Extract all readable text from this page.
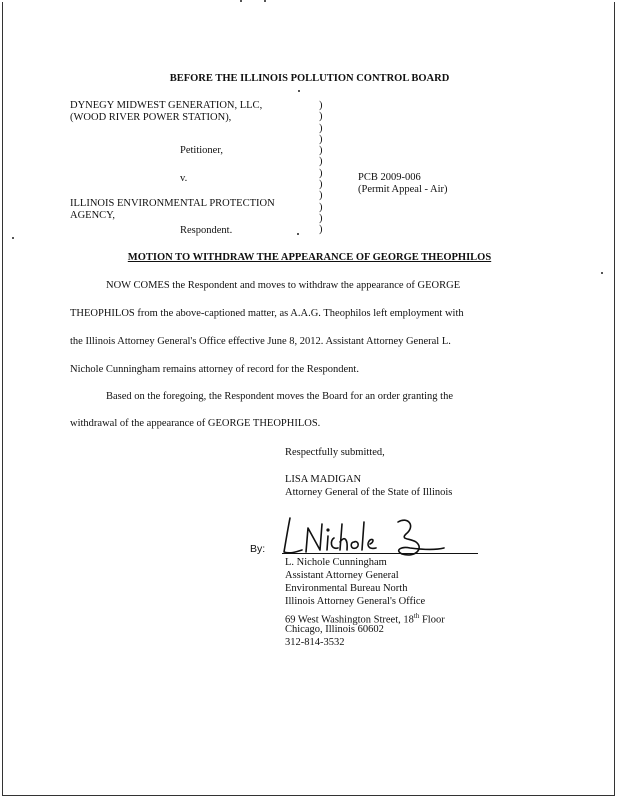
BEFORE THE ILLINOIS POLLUTION CONTROL BOARD
DYNEGY MIDWEST GENERATION, LLC,
(WOOD RIVER POWER STATION),
Petitioner,
v.
ILLINOIS ENVIRONMENTAL PROTECTION
AGENCY,
Respondent.
)
)
)
)
)
)
)
)
)
)
)
)
PCB 2009-006
(Permit Appeal - Air)
MOTION TO WITHDRAW THE APPEARANCE OF GEORGE THEOPHILOS
NOW COMES the Respondent and moves to withdraw the appearance of GEORGE
THEOPHILOS from the above-captioned matter, as A.A.G. Theophilos left employment with
the Illinois Attorney General's Office effective June 8, 2012. Assistant Attorney General L.
Nichole Cunningham remains attorney of record for the Respondent.
Based on the foregoing, the Respondent moves the Board for an order granting the
withdrawal of the appearance of GEORGE THEOPHILOS.
Respectfully submitted,
LISA MADIGAN
Attorney General of the State of Illinois
By:
L. Nichole Cunningham
Assistant Attorney General
Environmental Bureau North
Illinois Attorney General's Office
69 West Washington Street, 18th Floor
Chicago, Illinois 60602
312-814-3532
